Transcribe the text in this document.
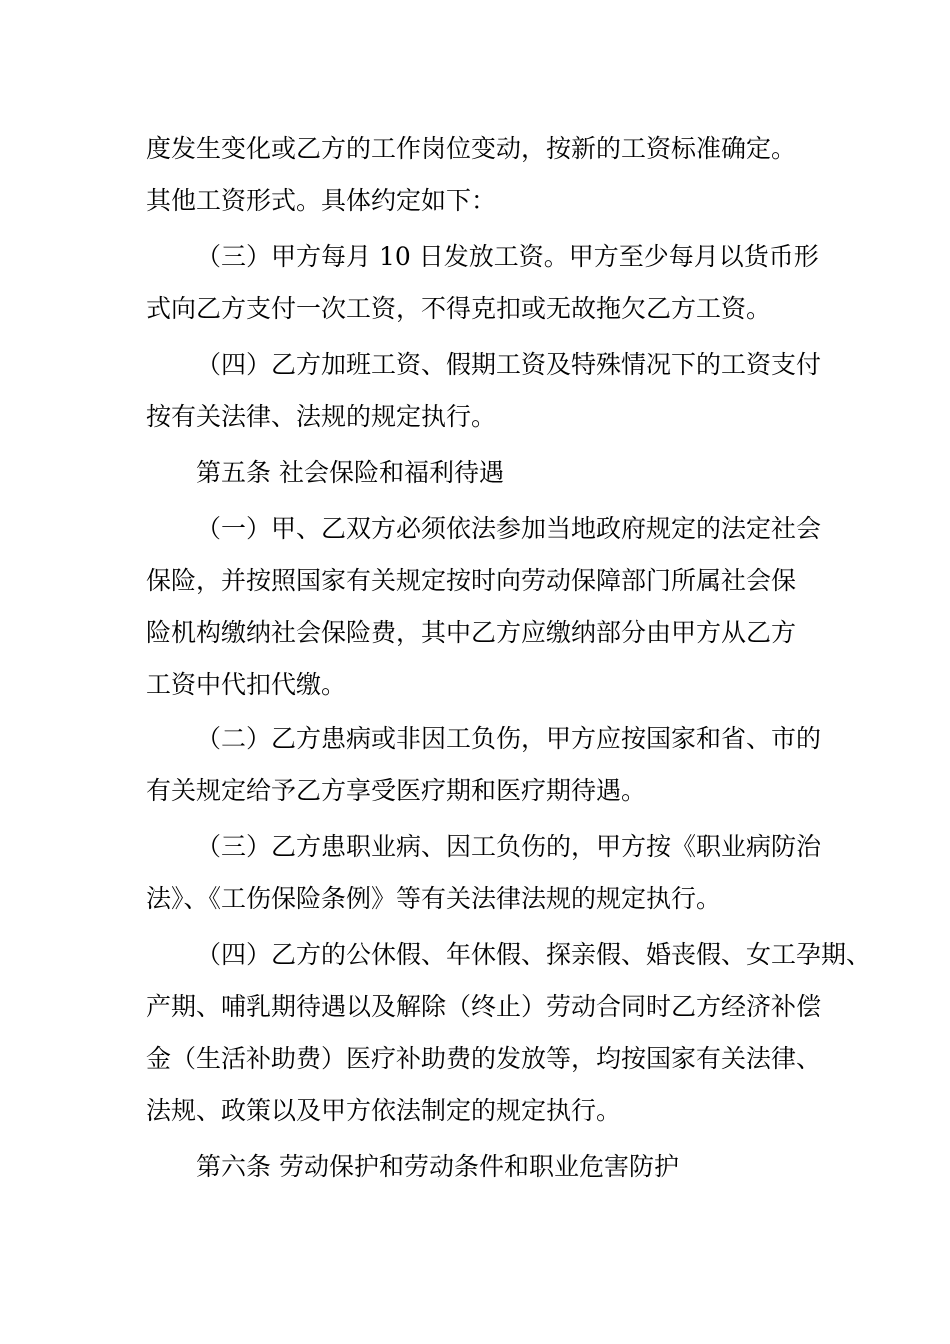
度发生变化或乙方的工作岗位变动，按新的工资标准确定。
其他工资形式。具体约定如下：
（三）甲方每月 10 日发放工资。甲方至少每月以货币形
式向乙方支付一次工资，不得克扣或无故拖欠乙方工资。
（四）乙方加班工资、假期工资及特殊情况下的工资支付
按有关法律、法规的规定执行。
第五条 社会保险和福利待遇
（一）甲、乙双方必须依法参加当地政府规定的法定社会
保险，并按照国家有关规定按时向劳动保障部门所属社会保
险机构缴纳社会保险费，其中乙方应缴纳部分由甲方从乙方
工资中代扣代缴。
（二）乙方患病或非因工负伤，甲方应按国家和省、市的
有关规定给予乙方享受医疗期和医疗期待遇。
（三）乙方患职业病、因工负伤的，甲方按《职业病防治
法》、《工伤保险条例》等有关法律法规的规定执行。
（四）乙方的公休假、年休假、探亲假、婚丧假、女工孕期、
产期、哺乳期待遇以及解除（终止）劳动合同时乙方经济补偿
金（生活补助费）医疗补助费的发放等，均按国家有关法律、
法规、政策以及甲方依法制定的规定执行。
第六条 劳动保护和劳动条件和职业危害防护
